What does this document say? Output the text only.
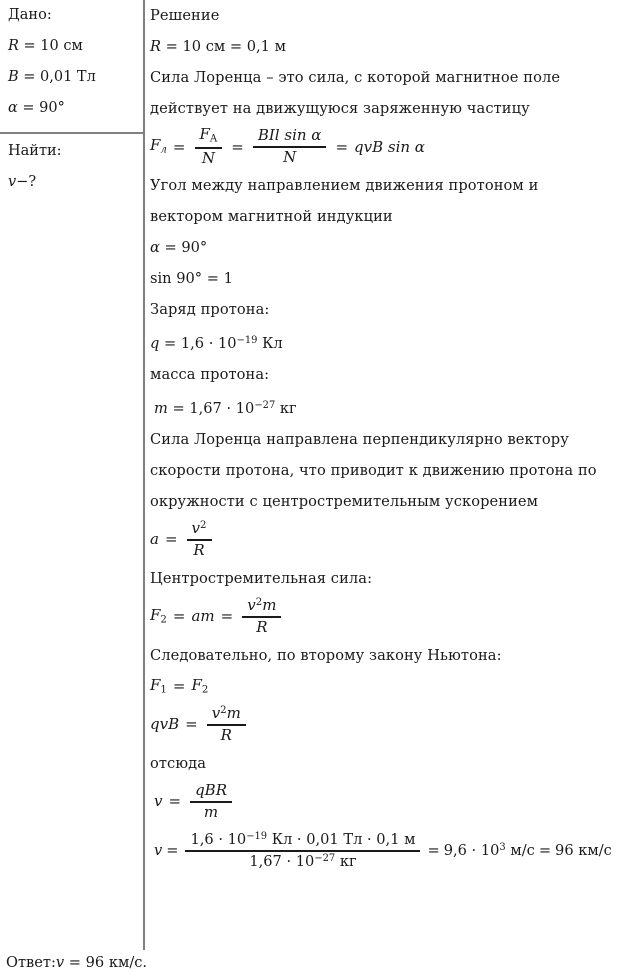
Дано:
R = 10 см
B = 0,01 Тл
α = 90°
Найти:
v−?
Решение
R = 10 см = 0,1 м
Сила Лоренца – это сила, с которой магнитное поле
действует на движущуюся заряженную частицу
$F_л = \frac{F_A}{N} = \frac{\text{BIl sin α}}{N}$ = qvB sin α
Угол между направлением движения протоном и
вектором магнитной индукции
α = 90°
sin 90° = 1
Заряд протона:
$q = 1,6 \cdot 10^{-19}$ Кл
масса протона:
$m = 1,67 \cdot 10^{-27}$ кг
Сила Лоренца направлена перпендикулярно вектору
скорости протона, что приводит к движению протона по
окружности с центростремительным ускорением
$a = \frac{v^2}{R}$
Центростремительная сила:
$F_2$ = am = $\frac{v^2m}{R}$
Следовательно, по второму закону Ньютона:
$F_1 = F_2$
qvB = $\frac{v^2m}{R}$
отсюда
$v = \frac{\text{qBR}}{m}$
$v = \frac{1,6 \cdot 10^{-19} Кл \cdot 0,01 Тл \cdot 0,1 м}{1,67 \cdot 10^{-27} кг} = 9,6 \cdot 10^3$ м/с = 96 км/с
Ответ:v = 96 км/с.
